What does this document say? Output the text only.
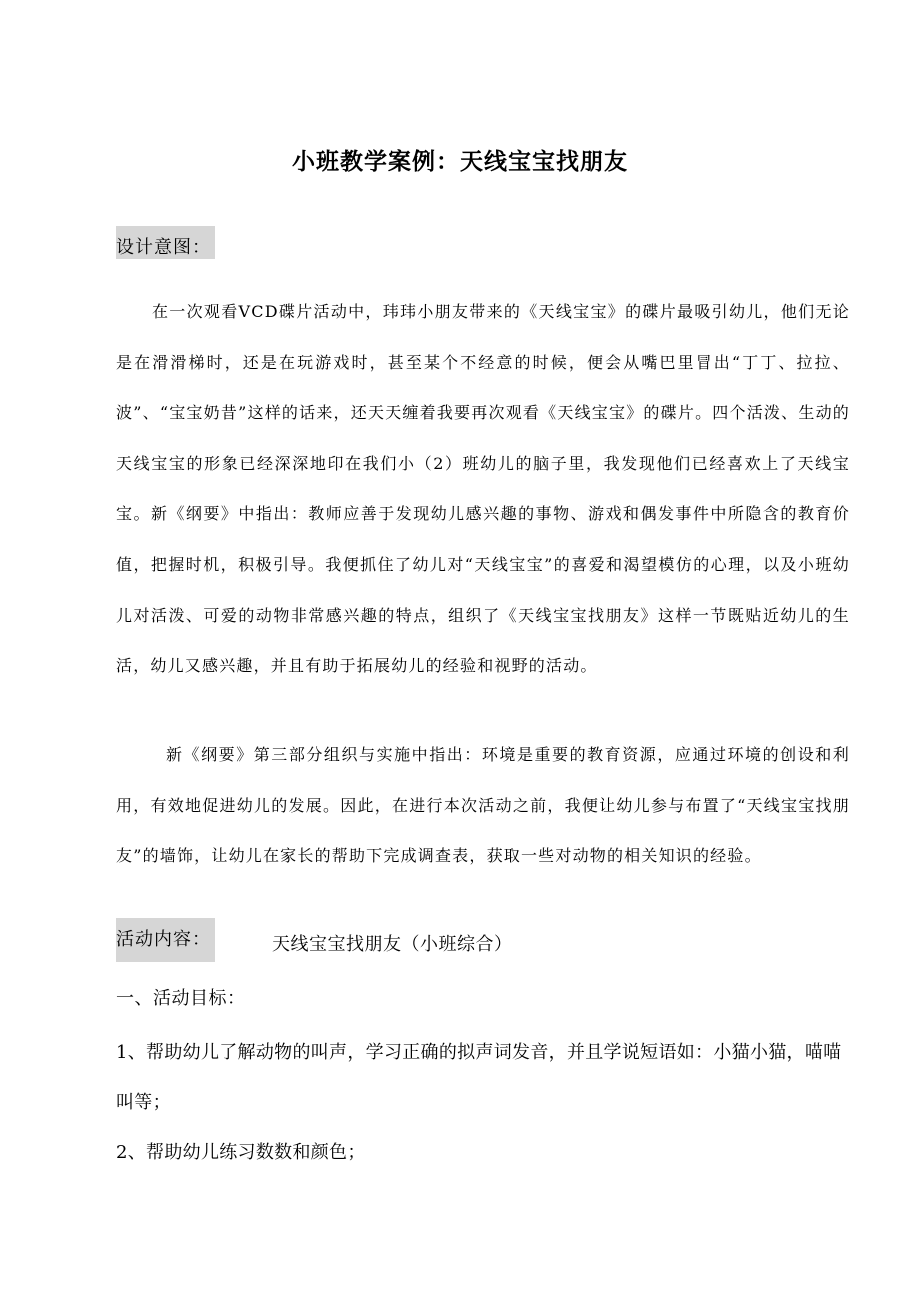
小班教学案例：天线宝宝找朋友
设计意图：

在一次观看VCD碟片活动中，玮玮小朋友带来的《天线宝宝》的碟片最吸引幼儿，他们无论是在滑滑梯时，还是在玩游戏时，甚至某个不经意的时候，便会从嘴巴里冒出“丁丁、拉拉、波”、“宝宝奶昔”这样的话来，还天天缠着我要再次观看《天线宝宝》的碟片。四个活泼、生动的天线宝宝的形象已经深深地印在我们小（2）班幼儿的脑子里，我发现他们已经喜欢上了天线宝宝。新《纲要》中指出：教师应善于发现幼儿感兴趣的事物、游戏和偶发事件中所隐含的教育价值，把握时机，积极引导。我便抓住了幼儿对“天线宝宝”的喜爱和渴望模仿的心理，以及小班幼儿对活泼、可爱的动物非常感兴趣的特点，组织了《天线宝宝找朋友》这样一节既贴近幼儿的生活，幼儿又感兴趣，并且有助于拓展幼儿的经验和视野的活动。

新《纲要》第三部分组织与实施中指出：环境是重要的教育资源，应通过环境的创设和利用，有效地促进幼儿的发展。因此，在进行本次活动之前，我便让幼儿参与布置了“天线宝宝找朋友”的墙饰，让幼儿在家长的帮助下完成调查表，获取一些对动物的相关知识的经验。

活动内容：	天线宝宝找朋友（小班综合）
一、活动目标：

1、帮助幼儿了解动物的叫声，学习正确的拟声词发音，并且学说短语如：小猫小猫，喵喵叫等；

2、帮助幼儿练习数数和颜色；
